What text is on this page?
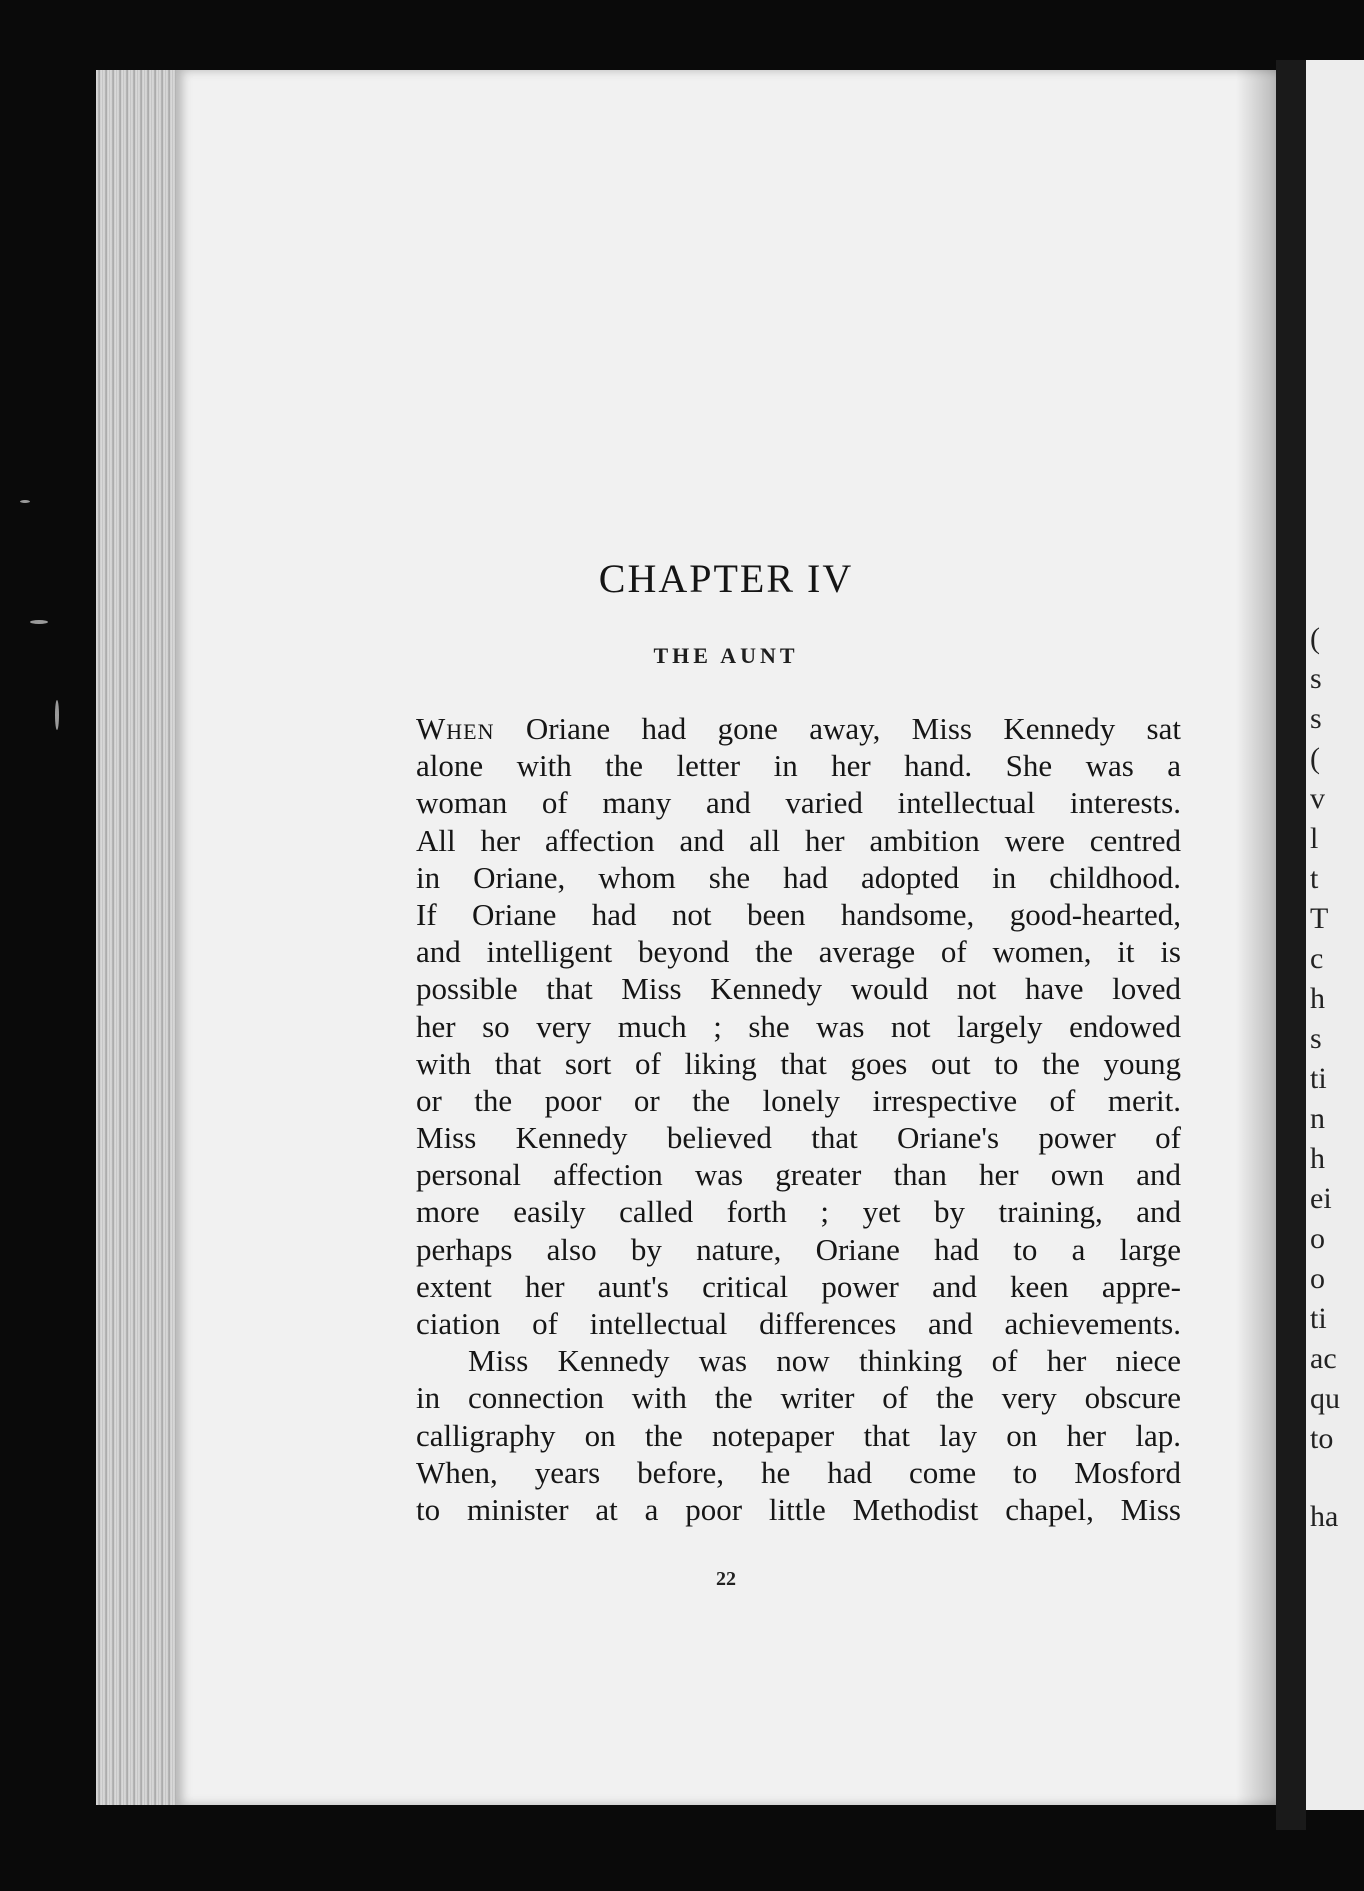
(
s
s
(
v
l
t
T
c
h
s
ti
n
h
ei
o
o
ti
ac
qu
to
ha
CHAPTER IV
THE AUNT
When Oriane had gone away, Miss Kennedy sat
alone with the letter in her hand. She was a
woman of many and varied intellectual interests.
All her affection and all her ambition were centred
in Oriane, whom she had adopted in childhood.
If Oriane had not been handsome, good-hearted,
and intelligent beyond the average of women, it is
possible that Miss Kennedy would not have loved
her so very much ; she was not largely endowed
with that sort of liking that goes out to the young
or the poor or the lonely irrespective of merit.
Miss Kennedy believed that Oriane's power of
personal affection was greater than her own and
more easily called forth ; yet by training, and
perhaps also by nature, Oriane had to a large
extent her aunt's critical power and keen appre-
ciation of intellectual differences and achievements.
Miss Kennedy was now thinking of her niece
in connection with the writer of the very obscure
calligraphy on the notepaper that lay on her lap.
When, years before, he had come to Mosford
to minister at a poor little Methodist chapel, Miss
22
